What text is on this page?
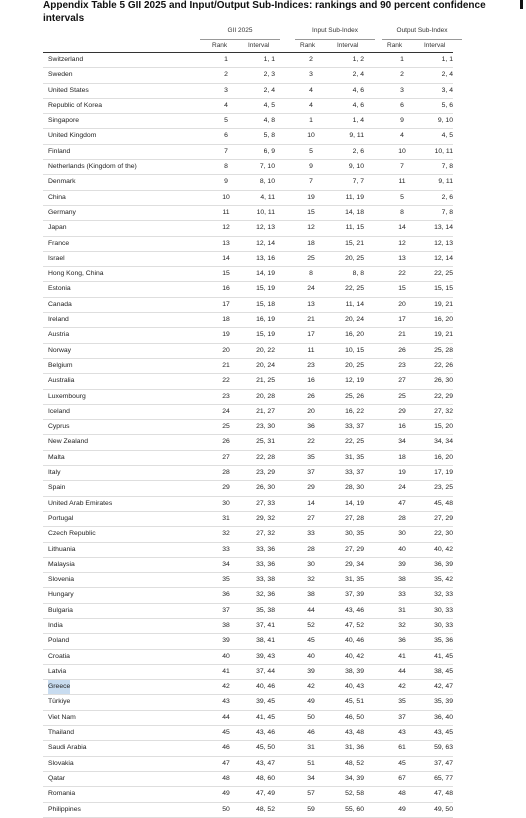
Appendix Table 5 GII 2025 and Input/Output Sub-Indices: rankings and 90 percent confidence intervals
GII 2025	Input Sub-Index	Output Sub-Index
Rank	Interval	Rank	Interval	Rank	Interval
Switzerland	1	1, 1	2	1, 2	1	1, 1
Sweden	2	2, 3	3	2, 4	2	2, 4
United States	3	2, 4	4	4, 6	3	3, 4
Republic of Korea	4	4, 5	4	4, 6	6	5, 6
Singapore	5	4, 8	1	1, 4	9	9, 10
United Kingdom	6	5, 8	10	9, 11	4	4, 5
Finland	7	6, 9	5	2, 6	10	10, 11
Netherlands (Kingdom of the)	8	7, 10	9	9, 10	7	7, 8
Denmark	9	8, 10	7	7, 7	11	9, 11
China	10	4, 11	19	11, 19	5	2, 6
Germany	11	10, 11	15	14, 18	8	7, 8
Japan	12	12, 13	12	11, 15	14	13, 14
France	13	12, 14	18	15, 21	12	12, 13
Israel	14	13, 16	25	20, 25	13	12, 14
Hong Kong, China	15	14, 19	8	8, 8	22	22, 25
Estonia	16	15, 19	24	22, 25	15	15, 15
Canada	17	15, 18	13	11, 14	20	19, 21
Ireland	18	16, 19	21	20, 24	17	16, 20
Austria	19	15, 19	17	16, 20	21	19, 21
Norway	20	20, 22	11	10, 15	26	25, 28
Belgium	21	20, 24	23	20, 25	23	22, 26
Australia	22	21, 25	16	12, 19	27	26, 30
Luxembourg	23	20, 28	26	25, 26	25	22, 29
Iceland	24	21, 27	20	16, 22	29	27, 32
Cyprus	25	23, 30	36	33, 37	16	15, 20
New Zealand	26	25, 31	22	22, 25	34	34, 34
Malta	27	22, 28	35	31, 35	18	16, 20
Italy	28	23, 29	37	33, 37	19	17, 19
Spain	29	26, 30	29	28, 30	24	23, 25
United Arab Emirates	30	27, 33	14	14, 19	47	45, 48
Portugal	31	29, 32	27	27, 28	28	27, 29
Czech Republic	32	27, 32	33	30, 35	30	22, 30
Lithuania	33	33, 36	28	27, 29	40	40, 42
Malaysia	34	33, 36	30	29, 34	39	36, 39
Slovenia	35	33, 38	32	31, 35	38	35, 42
Hungary	36	32, 36	38	37, 39	33	32, 33
Bulgaria	37	35, 38	44	43, 46	31	30, 33
India	38	37, 41	52	47, 52	32	30, 33
Poland	39	38, 41	45	40, 46	36	35, 36
Croatia	40	39, 43	40	40, 42	41	41, 45
Latvia	41	37, 44	39	38, 39	44	38, 45
Greece	42	40, 46	42	40, 43	42	42, 47
Türkiye	43	39, 45	49	45, 51	35	35, 39
Viet Nam	44	41, 45	50	46, 50	37	36, 40
Thailand	45	43, 46	46	43, 48	43	43, 45
Saudi Arabia	46	45, 50	31	31, 36	61	59, 63
Slovakia	47	43, 47	51	48, 52	45	37, 47
Qatar	48	48, 60	34	34, 39	67	65, 77
Romania	49	47, 49	57	52, 58	48	47, 48
Philippines	50	48, 52	59	55, 60	49	49, 50
